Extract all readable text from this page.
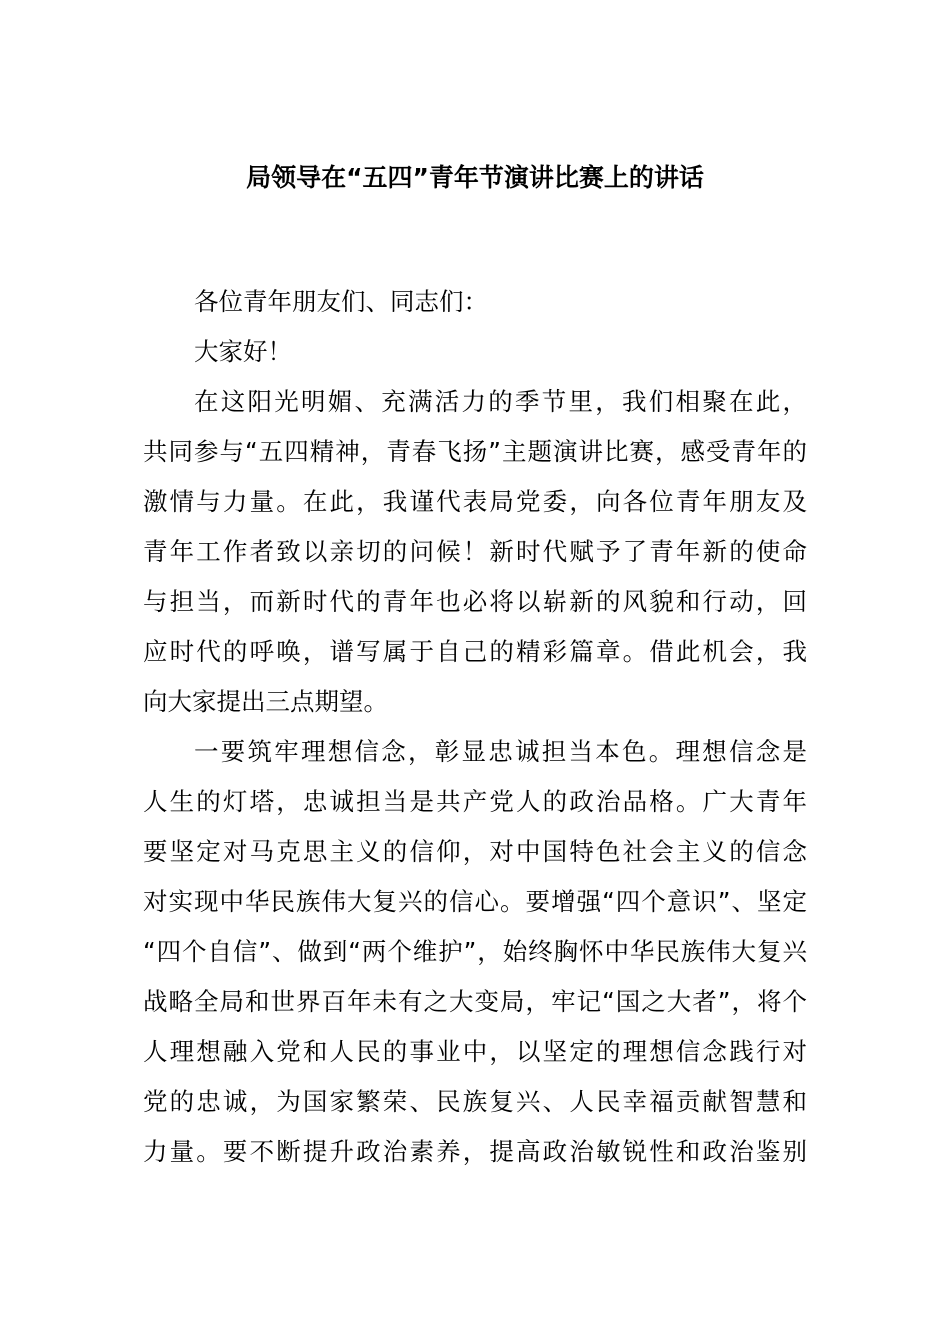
局领导在“五四”青年节演讲比赛上的讲话
各位青年朋友们、同志们：
大家好！
在这阳光明媚、充满活力的季节里，我们相聚在此，
共同参与“五四精神，青春飞扬”主题演讲比赛，感受青年的
激情与力量。在此，我谨代表局党委，向各位青年朋友及
青年工作者致以亲切的问候！新时代赋予了青年新的使命
与担当，而新时代的青年也必将以崭新的风貌和行动，回
应时代的呼唤，谱写属于自己的精彩篇章。借此机会，我
向大家提出三点期望。
一要筑牢理想信念，彰显忠诚担当本色。理想信念是
人生的灯塔，忠诚担当是共产党人的政治品格。广大青年
要坚定对马克思主义的信仰，对中国特色社会主义的信念
对实现中华民族伟大复兴的信心。要增强“四个意识”、坚定
“四个自信”、做到“两个维护”，始终胸怀中华民族伟大复兴
战略全局和世界百年未有之大变局，牢记“国之大者”，将个
人理想融入党和人民的事业中，以坚定的理想信念践行对
党的忠诚，为国家繁荣、民族复兴、人民幸福贡献智慧和
力量。要不断提升政治素养，提高政治敏锐性和政治鉴别
